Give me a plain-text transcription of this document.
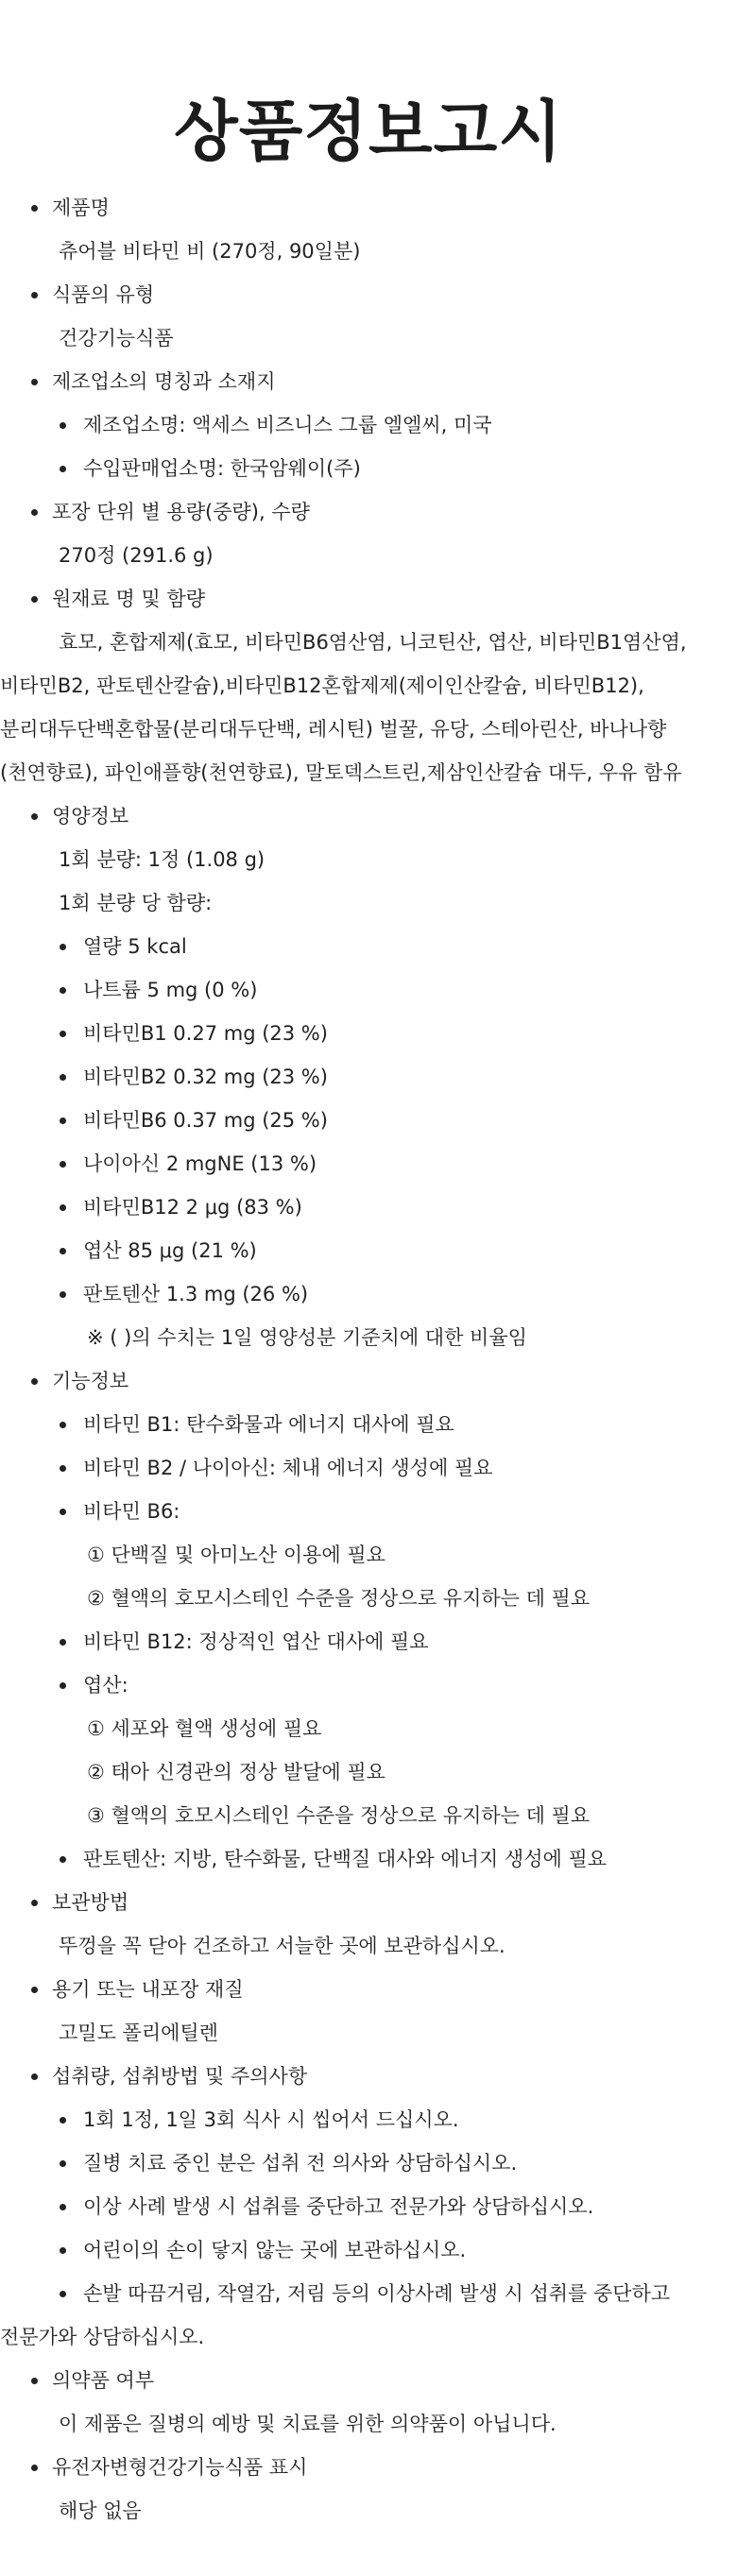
상품정보고시
제품명
츄어블 비타민 비 (270정, 90일분)
식품의 유형
건강기능식품
제조업소의 명칭과 소재지
제조업소명: 액세스 비즈니스 그룹 엘엘씨, 미국
수입판매업소명: 한국암웨이(주)
포장 단위 별 용량(중량), 수량
270정 (291.6 g)
원재료 명 및 함량
효모, 혼합제제(효모, 비타민B6염산염, 니코틴산, 엽산, 비타민B1염산염, 비타민B2, 판토텐산칼슘),비타민B12혼합제제(제이인산칼슘, 비타민B12), 분리대두단백혼합물(분리대두단백, 레시틴) 벌꿀, 유당, 스테아린산, 바나나향(천연향료), 파인애플향(천연향료), 말토덱스트린,제삼인산칼슘 대두, 우유 함유
영양정보
1회 분량: 1정 (1.08 g)
1회 분량 당 함량:
열량 5 kcal
나트륨 5 mg (0 %)
비타민B1 0.27 mg (23 %)
비타민B2 0.32 mg (23 %)
비타민B6 0.37 mg (25 %)
나이아신 2 mgNE (13 %)
비타민B12 2 μg (83 %)
엽산 85 μg (21 %)
판토텐산 1.3 mg (26 %)
※ ( )의 수치는 1일 영양성분 기준치에 대한 비율임
기능정보
비타민 B1: 탄수화물과 에너지 대사에 필요
비타민 B2 / 나이아신: 체내 에너지 생성에 필요
비타민 B6:
① 단백질 및 아미노산 이용에 필요
② 혈액의 호모시스테인 수준을 정상으로 유지하는 데 필요
비타민 B12: 정상적인 엽산 대사에 필요
엽산:
① 세포와 혈액 생성에 필요
② 태아 신경관의 정상 발달에 필요
③ 혈액의 호모시스테인 수준을 정상으로 유지하는 데 필요
판토텐산: 지방, 탄수화물, 단백질 대사와 에너지 생성에 필요
보관방법
뚜껑을 꼭 닫아 건조하고 서늘한 곳에 보관하십시오.
용기 또는 내포장 재질
고밀도 폴리에틸렌
섭취량, 섭취방법 및 주의사항
1회 1정, 1일 3회 식사 시 씹어서 드십시오.
질병 치료 중인 분은 섭취 전 의사와 상담하십시오.
이상 사례 발생 시 섭취를 중단하고 전문가와 상담하십시오.
어린이의 손이 닿지 않는 곳에 보관하십시오.
손발 따끔거림, 작열감, 저림 등의 이상사례 발생 시 섭취를 중단하고 전문가와 상담하십시오.
의약품 여부
이 제품은 질병의 예방 및 치료를 위한 의약품이 아닙니다.
유전자변형건강기능식품 표시
해당 없음
